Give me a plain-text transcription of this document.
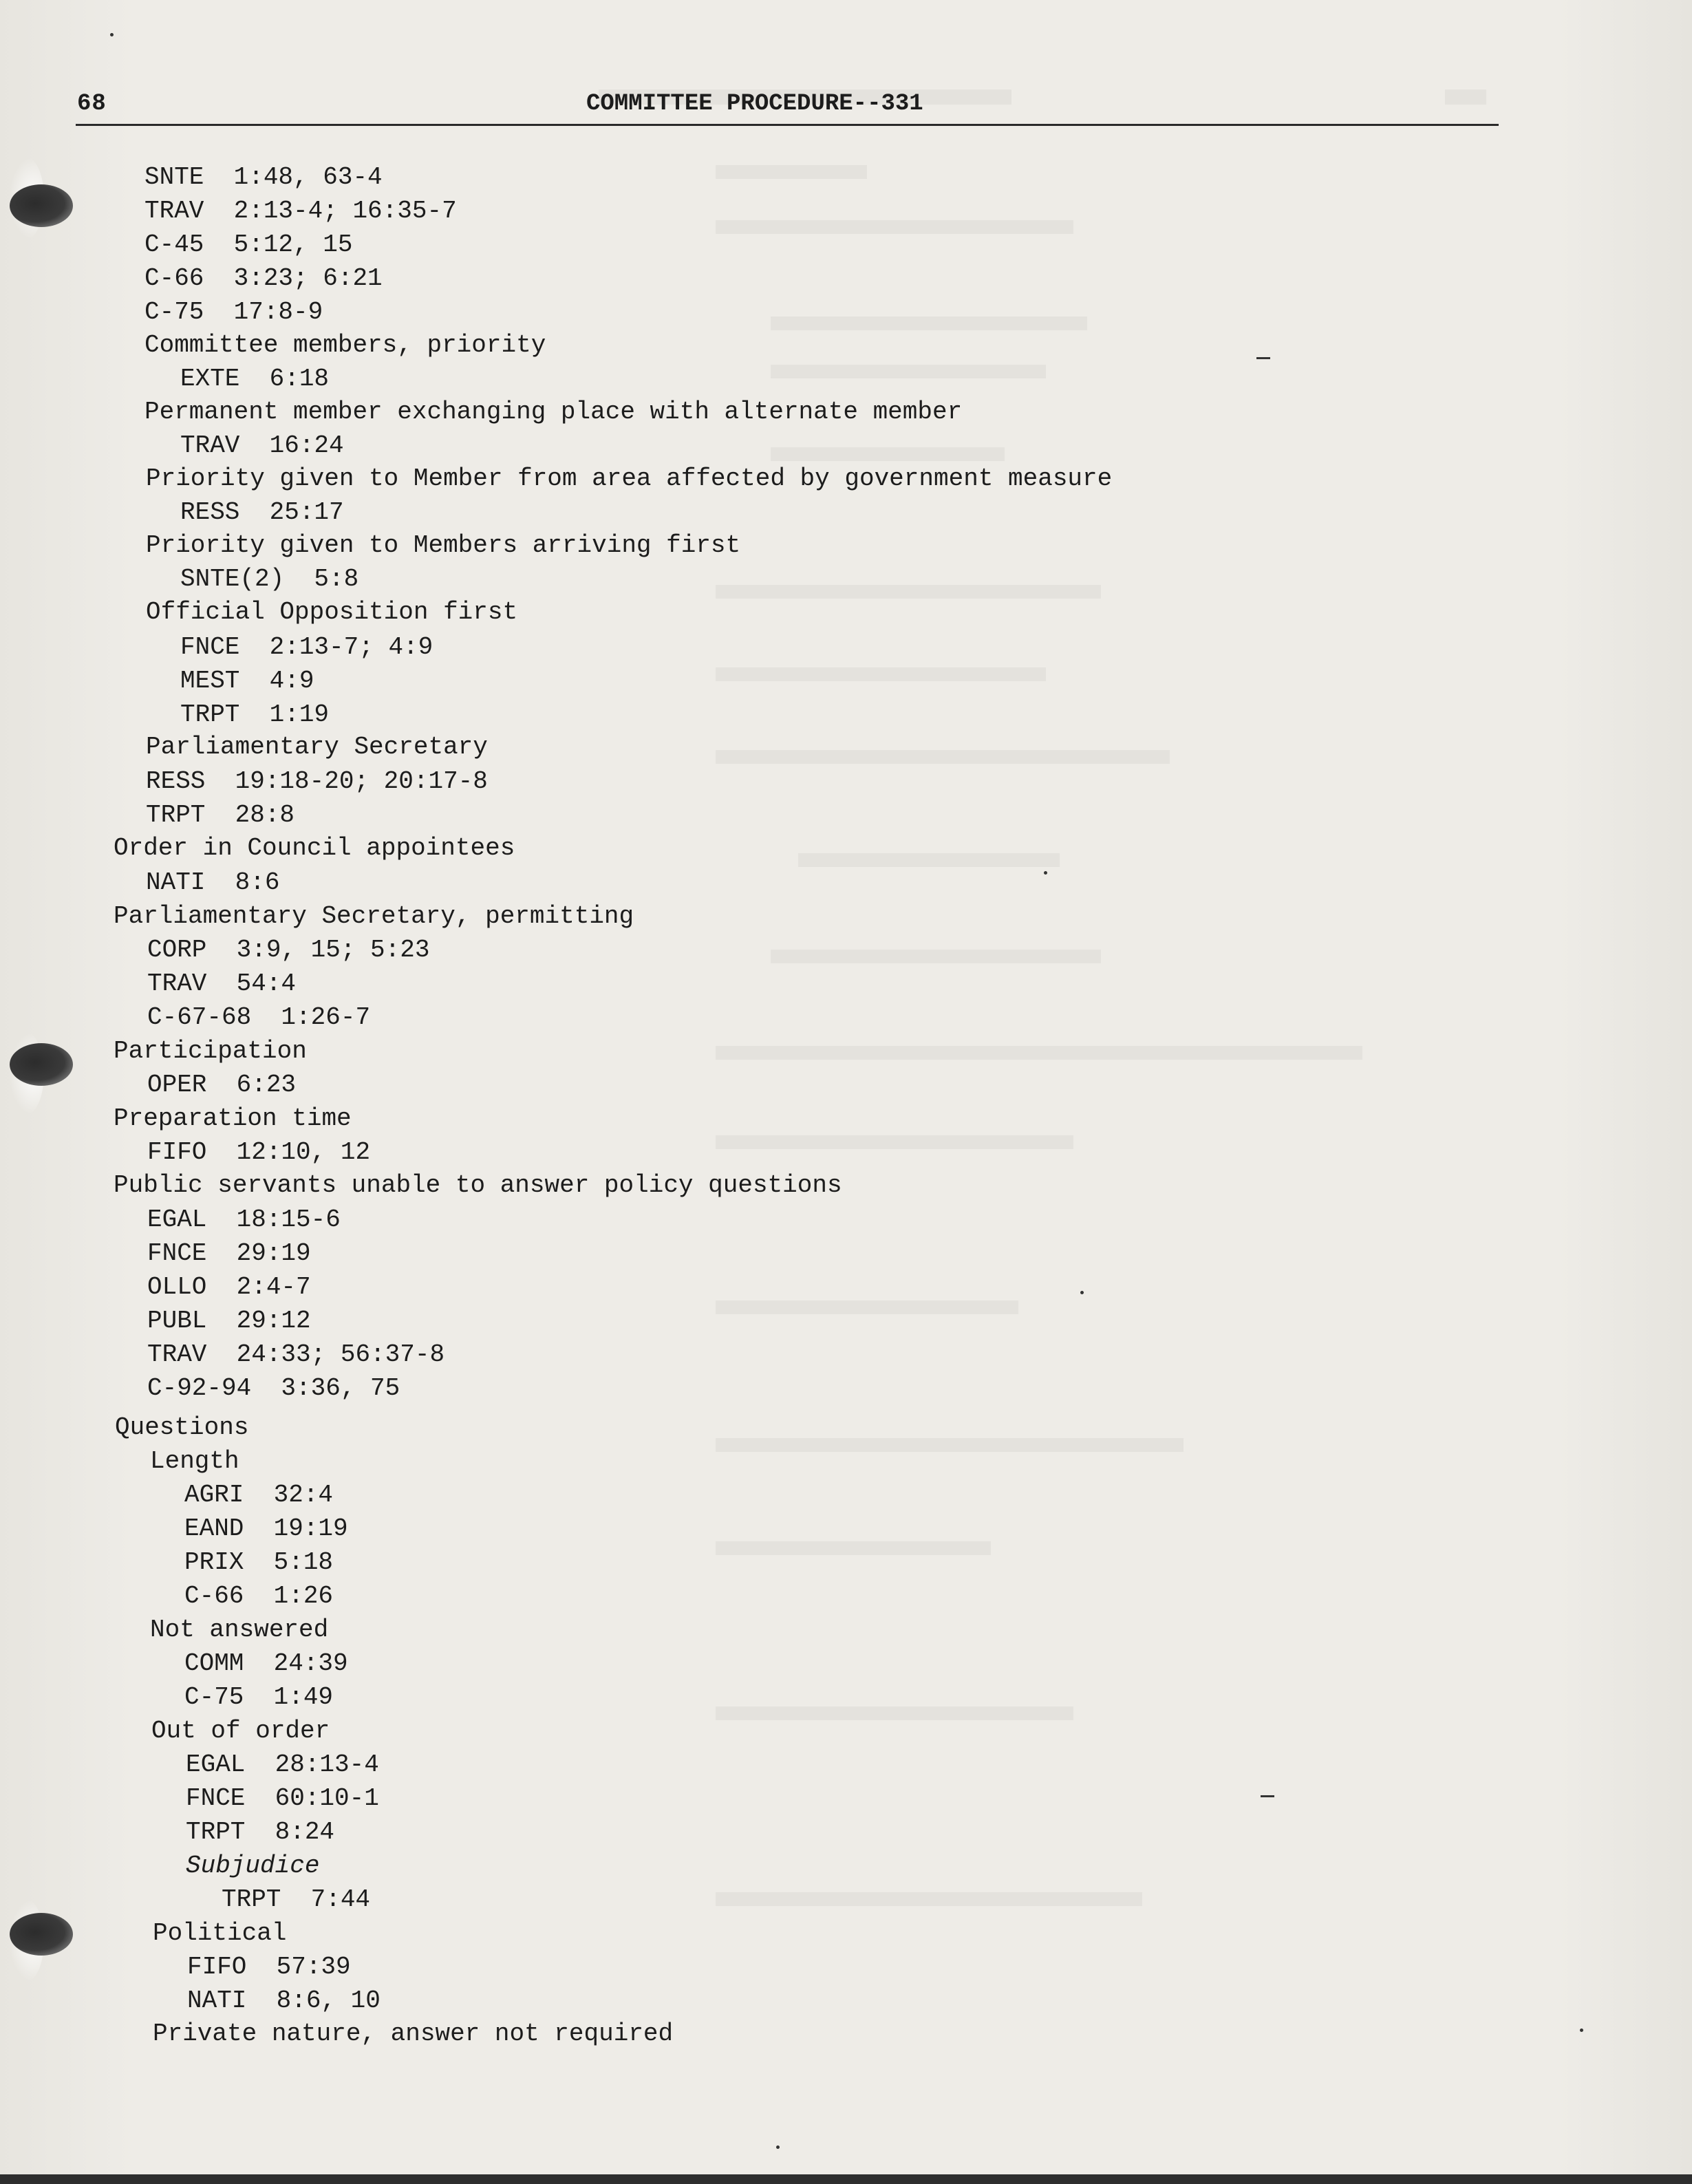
68	COMMITTEE PROCEDURE--331
SNTE  1:48, 63-4
TRAV  2:13-4; 16:35-7
C-45  5:12, 15
C-66  3:23; 6:21
C-75  17:8-9
Committee members, priority
EXTE  6:18
Permanent member exchanging place with alternate member
TRAV  16:24
Priority given to Member from area affected by government measure
RESS  25:17
Priority given to Members arriving first
SNTE(2)  5:8
Official Opposition first
FNCE  2:13-7; 4:9
MEST  4:9
TRPT  1:19
Parliamentary Secretary
RESS  19:18-20; 20:17-8
TRPT  28:8
Order in Council appointees
NATI  8:6
Parliamentary Secretary, permitting
CORP  3:9, 15; 5:23
TRAV  54:4
C-67-68  1:26-7
Participation
OPER  6:23
Preparation time
FIFO  12:10, 12
Public servants unable to answer policy questions
EGAL  18:15-6
FNCE  29:19
OLLO  2:4-7
PUBL  29:12
TRAV  24:33; 56:37-8
C-92-94  3:36, 75
Questions
Length
AGRI  32:4
EAND  19:19
PRIX  5:18
C-66  1:26
Not answered
COMM  24:39
C-75  1:49
Out of order
EGAL  28:13-4
FNCE  60:10-1
TRPT  8:24
Subjudice
TRPT  7:44
Political
FIFO  57:39
NATI  8:6, 10
Private nature, answer not required
